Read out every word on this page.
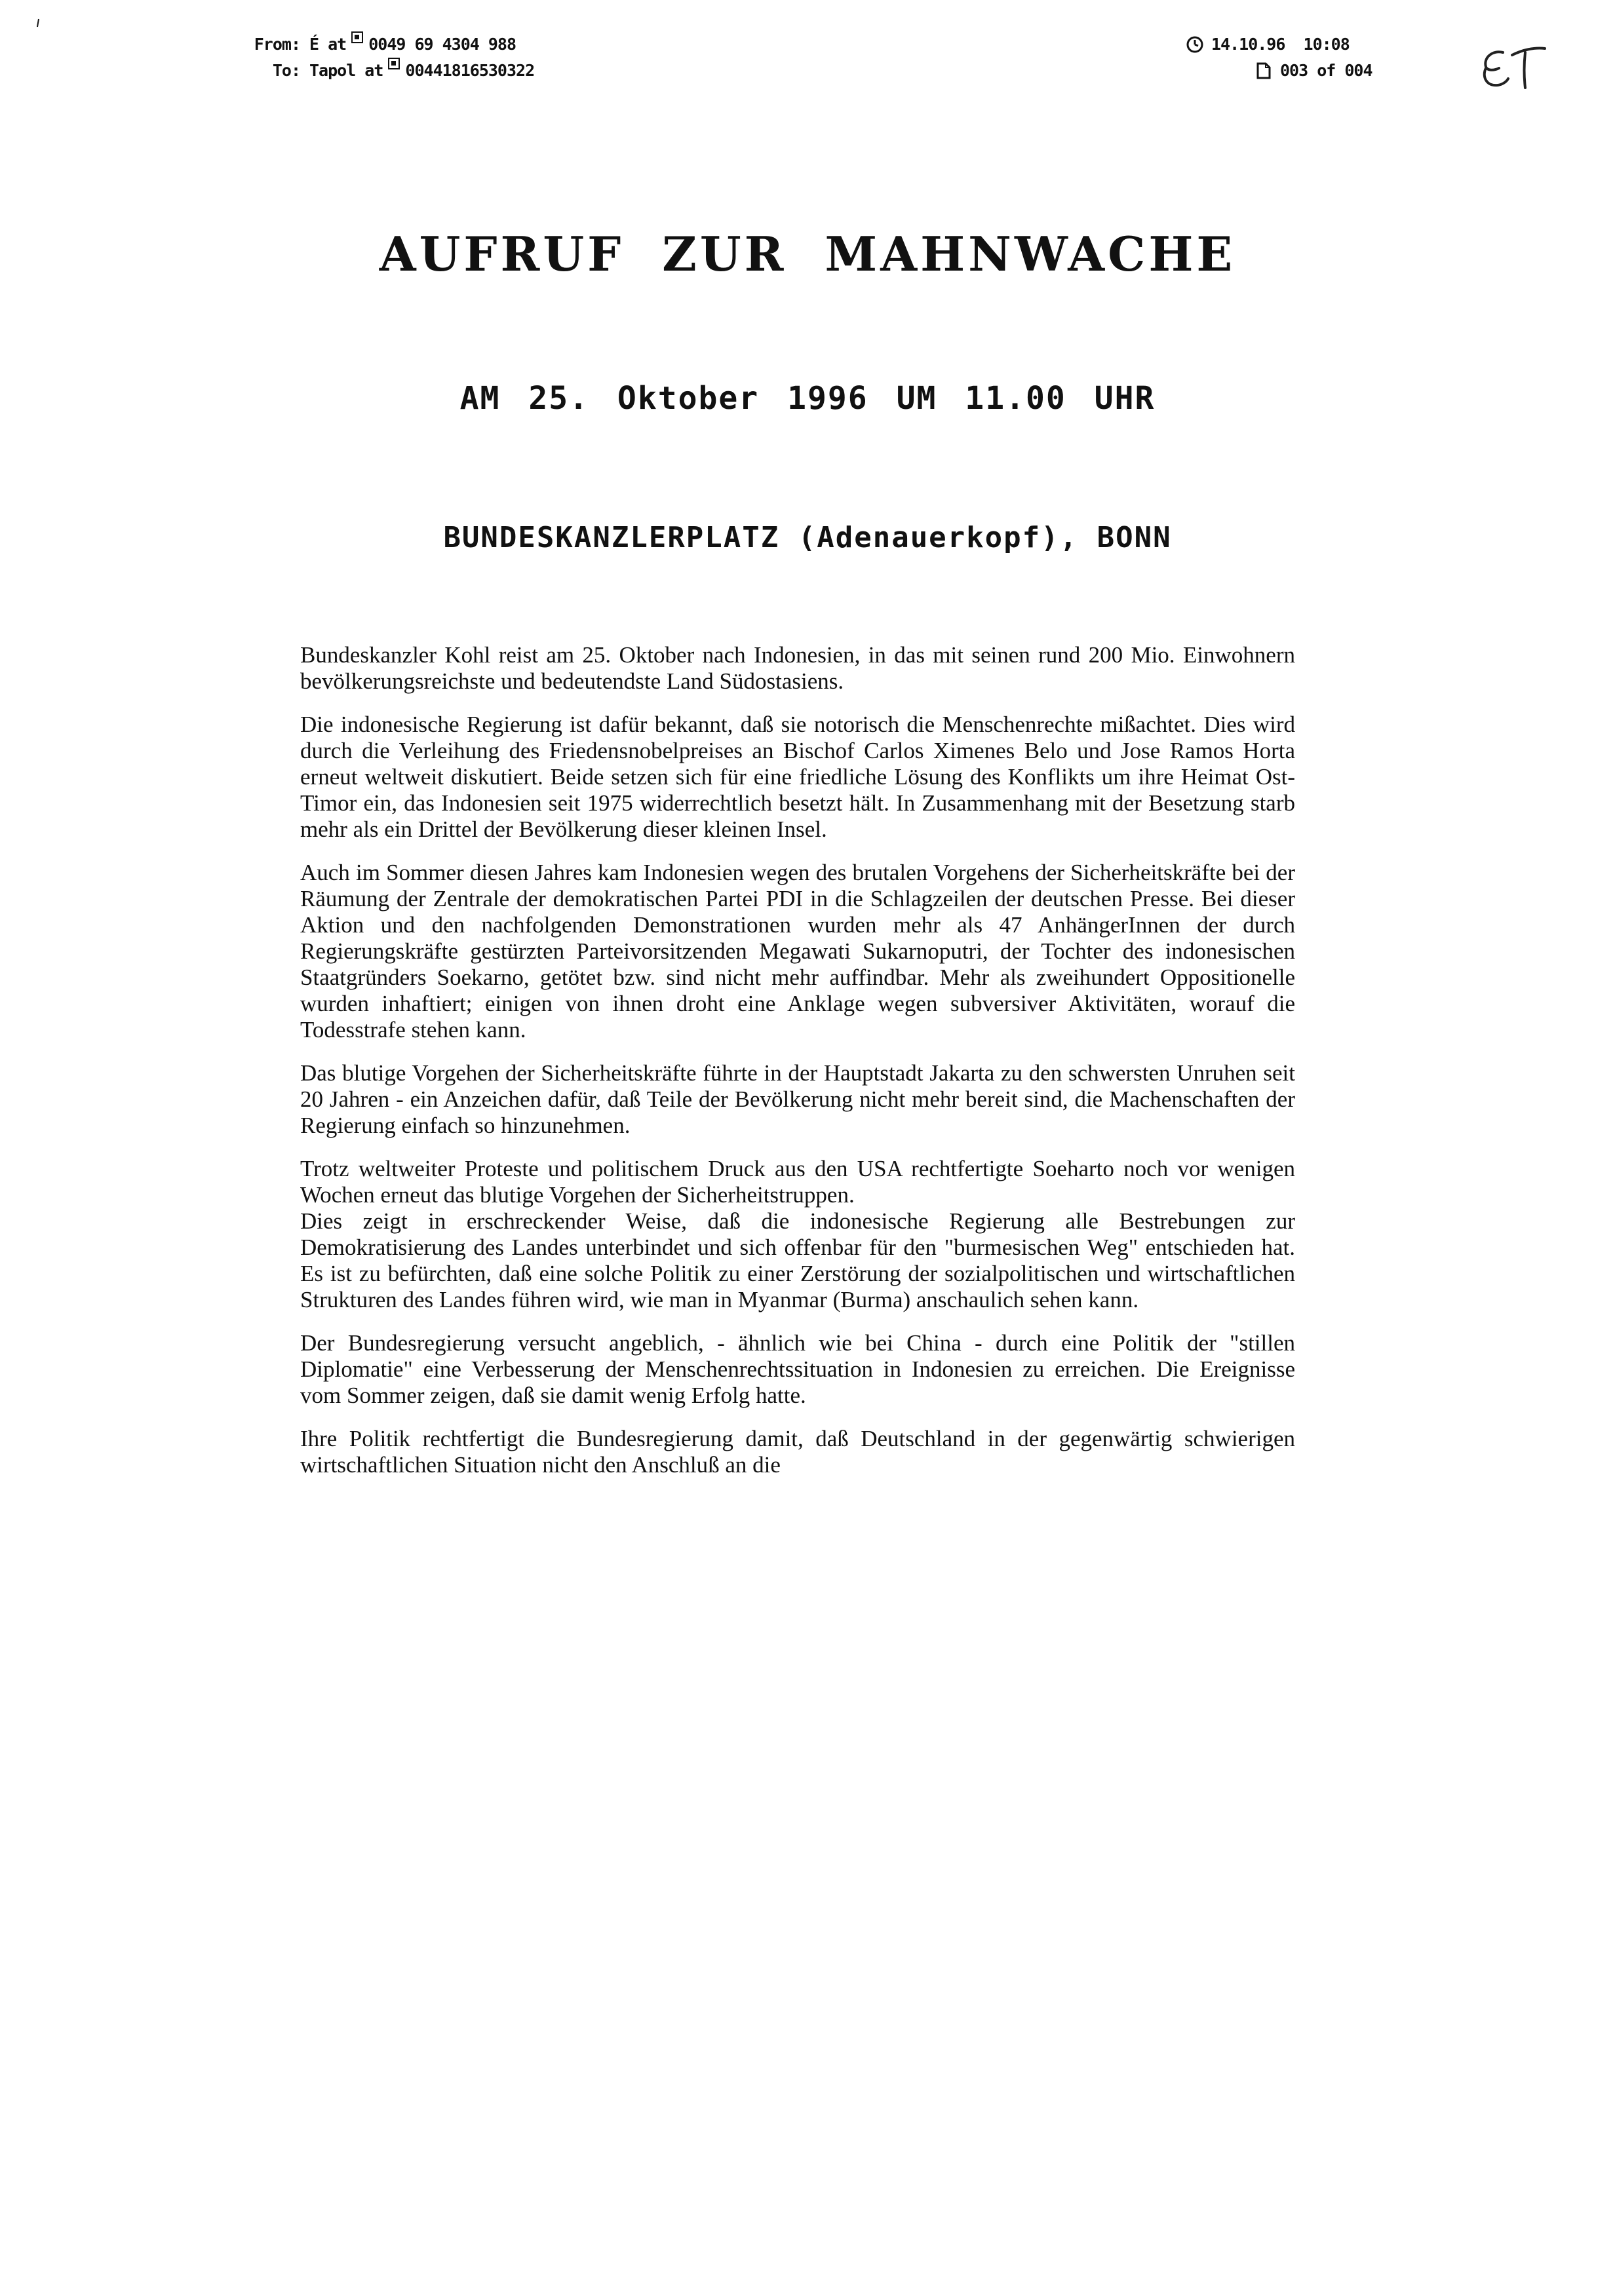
From: É at 0049 69 4304 988
To: Tapol at 00441816530322
14.10.96  10:08
003 of 004
AUFRUF ZUR MAHNWACHE
AM 25. Oktober 1996 UM 11.00 UHR
BUNDESKANZLERPLATZ (Adenauerkopf), BONN

Bundeskanzler Kohl reist am 25. Oktober nach Indonesien, in das mit seinen rund 200 Mio. Einwohnern bevölkerungsreichste und bedeutendste Land Südostasiens.

Die indonesische Regierung ist dafür bekannt, daß sie notorisch die Menschenrechte mißachtet. Dies wird durch die Verleihung des Friedensnobelpreises an Bischof Carlos Ximenes Belo und Jose Ramos Horta erneut weltweit diskutiert. Beide setzen sich für eine friedliche Lösung des Konflikts um ihre Heimat Ost-Timor ein, das Indonesien seit 1975 widerrechtlich besetzt hält. In Zusammenhang mit der Besetzung starb mehr als ein Drittel der Bevölkerung dieser kleinen Insel.

Auch im Sommer diesen Jahres kam Indonesien wegen des brutalen Vorgehens der Sicherheitskräfte bei der Räumung der Zentrale der demokratischen Partei PDI in die Schlagzeilen der deutschen Presse. Bei dieser Aktion und den nachfolgenden Demonstrationen wurden mehr als 47 AnhängerInnen der durch Regierungskräfte gestürzten Parteivorsitzenden Megawati Sukarnoputri, der Tochter des indonesischen Staatgründers Soekarno, getötet bzw. sind nicht mehr auffindbar. Mehr als zweihundert Oppositionelle wurden inhaftiert; einigen von ihnen droht eine Anklage wegen subversiver Aktivitäten, worauf die Todesstrafe stehen kann.

Das blutige Vorgehen der Sicherheitskräfte führte in der Hauptstadt Jakarta zu den schwersten Unruhen seit 20 Jahren - ein Anzeichen dafür, daß Teile der Bevölkerung nicht mehr bereit sind, die Machenschaften der Regierung einfach so hinzunehmen.

Trotz weltweiter Proteste und politischem Druck aus den USA rechtfertigte Soeharto noch vor wenigen Wochen erneut das blutige Vorgehen der Sicherheitstruppen.

Dies zeigt in erschreckender Weise, daß die indonesische Regierung alle Bestrebungen zur Demokratisierung des Landes unterbindet und sich offenbar für den "burmesischen Weg" entschieden hat. Es ist zu befürchten, daß eine solche Politik zu einer Zerstörung der sozialpolitischen und wirtschaftlichen Strukturen des Landes führen wird, wie man in Myanmar (Burma) anschaulich sehen kann.

Der Bundesregierung versucht angeblich, - ähnlich wie bei China - durch eine Politik der "stillen Diplomatie" eine Verbesserung der Menschenrechtssituation in Indonesien zu erreichen. Die Ereignisse vom Sommer zeigen, daß sie damit wenig Erfolg hatte.

Ihre Politik rechtfertigt die Bundesregierung damit, daß Deutschland in der gegenwärtig schwierigen wirtschaftlichen Situation nicht den Anschluß an die
